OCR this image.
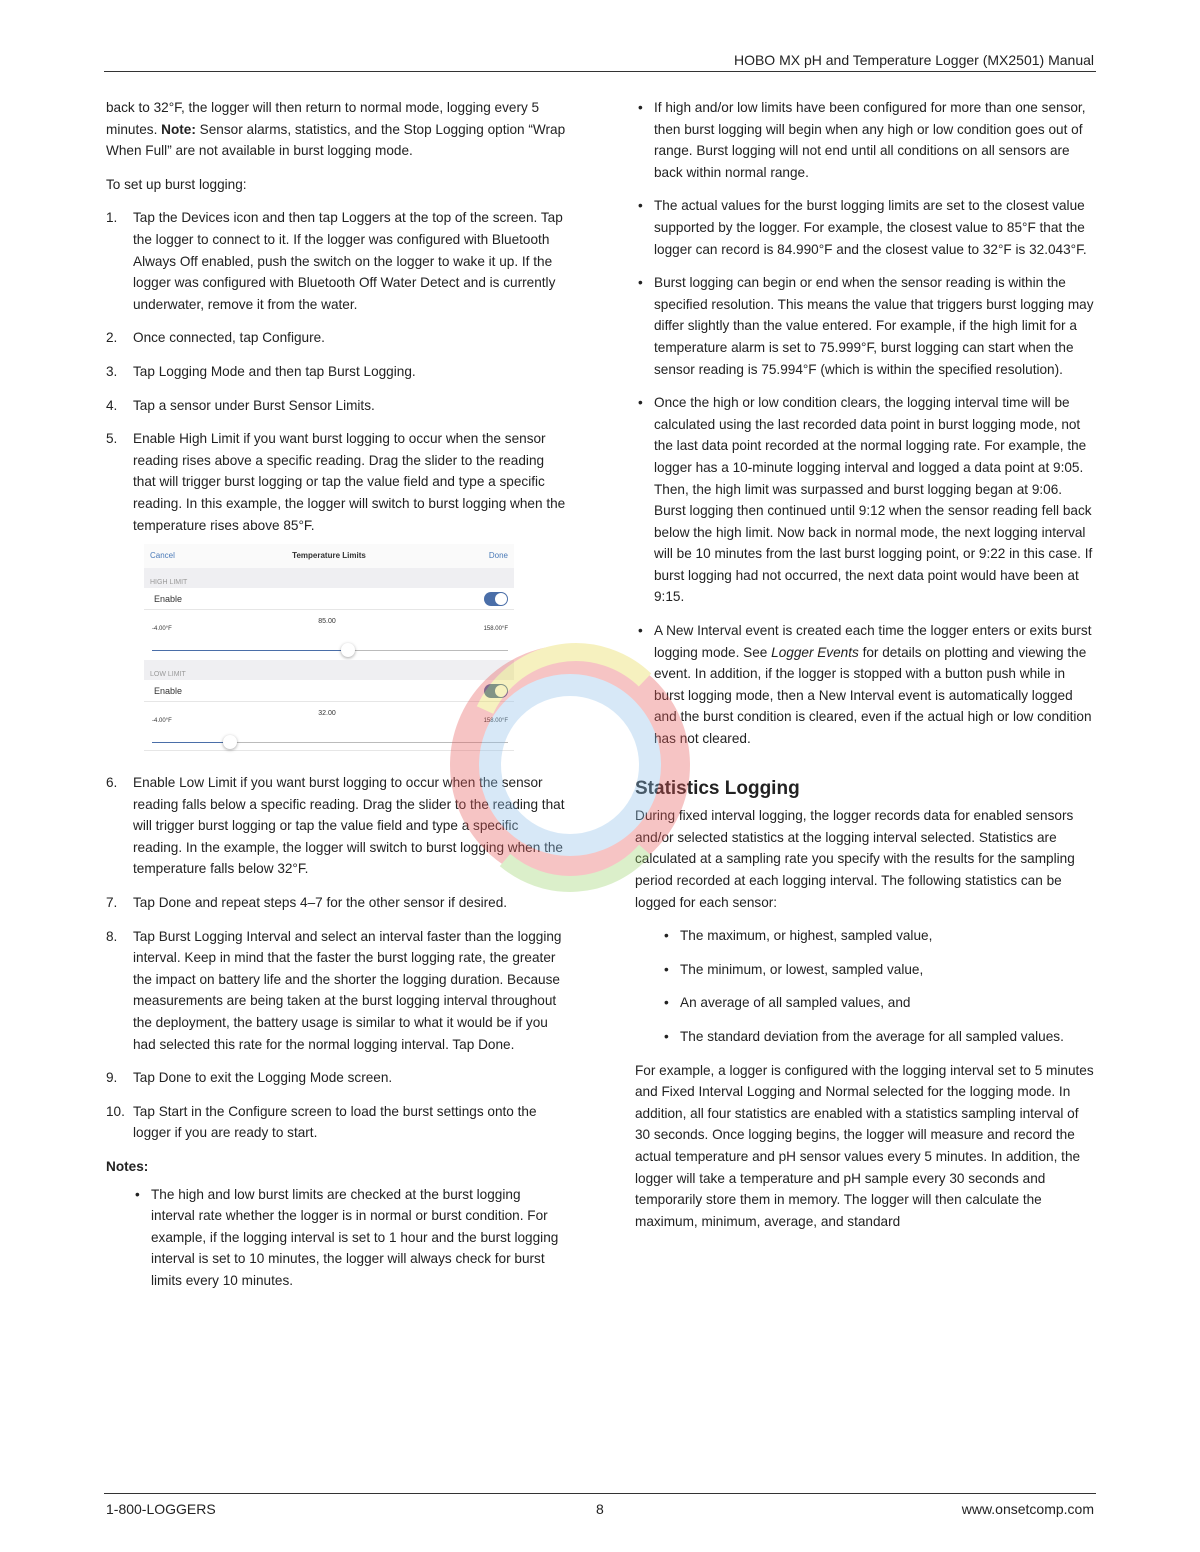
HOBO MX pH and Temperature Logger (MX2501) Manual

back to 32°F, the logger will then return to normal mode, logging every 5 minutes. Note: Sensor alarms, statistics, and the Stop Logging option “Wrap When Full” are not available in burst logging mode.

To set up burst logging:

1. Tap the Devices icon and then tap Loggers at the top of the screen. Tap the logger to connect to it. If the logger was configured with Bluetooth Always Off enabled, push the switch on the logger to wake it up. If the logger was configured with Bluetooth Off Water Detect and is currently underwater, remove it from the water.
2. Once connected, tap Configure.
3. Tap Logging Mode and then tap Burst Logging.
4. Tap a sensor under Burst Sensor Limits.
5. Enable High Limit if you want burst logging to occur when the sensor reading rises above a specific reading. Drag the slider to the reading that will trigger burst logging or tap the value field and type a specific reading. In this example, the logger will switch to burst logging when the temperature rises above 85°F.
Cancel	Temperature Limits	Done
HIGH LIMIT
Enable
-4.00°F
85.00
158.00°F
LOW LIMIT
Enable
-4.00°F
32.00
158.00°F
6. Enable Low Limit if you want burst logging to occur when the sensor reading falls below a specific reading. Drag the slider to the reading that will trigger burst logging or tap the value field and type a specific reading. In the example, the logger will switch to burst logging when the temperature falls below 32°F.
7. Tap Done and repeat steps 4–7 for the other sensor if desired.
8. Tap Burst Logging Interval and select an interval faster than the logging interval. Keep in mind that the faster the burst logging rate, the greater the impact on battery life and the shorter the logging duration. Because measurements are being taken at the burst logging interval throughout the deployment, the battery usage is similar to what it would be if you had selected this rate for the normal logging interval. Tap Done.
9. Tap Done to exit the Logging Mode screen.
10. Tap Start in the Configure screen to load the burst settings onto the logger if you are ready to start.

Notes:

• The high and low burst limits are checked at the burst logging interval rate whether the logger is in normal or burst condition. For example, if the logging interval is set to 1 hour and the burst logging interval is set to 10 minutes, the logger will always check for burst limits every 10 minutes.
• If high and/or low limits have been configured for more than one sensor, then burst logging will begin when any high or low condition goes out of range. Burst logging will not end until all conditions on all sensors are back within normal range.
• The actual values for the burst logging limits are set to the closest value supported by the logger. For example, the closest value to 85°F that the logger can record is 84.990°F and the closest value to 32°F is 32.043°F.
• Burst logging can begin or end when the sensor reading is within the specified resolution. This means the value that triggers burst logging may differ slightly than the value entered. For example, if the high limit for a temperature alarm is set to 75.999°F, burst logging can start when the sensor reading is 75.994°F (which is within the specified resolution).
• Once the high or low condition clears, the logging interval time will be calculated using the last recorded data point in burst logging mode, not the last data point recorded at the normal logging rate. For example, the logger has a 10-minute logging interval and logged a data point at 9:05. Then, the high limit was surpassed and burst logging began at 9:06. Burst logging then continued until 9:12 when the sensor reading fell back below the high limit. Now back in normal mode, the next logging interval will be 10 minutes from the last burst logging point, or 9:22 in this case. If burst logging had not occurred, the next data point would have been at 9:15.
• A New Interval event is created each time the logger enters or exits burst logging mode. See Logger Events for details on plotting and viewing the event. In addition, if the logger is stopped with a button push while in burst logging mode, then a New Interval event is automatically logged and the burst condition is cleared, even if the actual high or low condition has not cleared.
Statistics Logging

During fixed interval logging, the logger records data for enabled sensors and/or selected statistics at the logging interval selected. Statistics are calculated at a sampling rate you specify with the results for the sampling period recorded at each logging interval. The following statistics can be logged for each sensor:

• The maximum, or highest, sampled value,
• The minimum, or lowest, sampled value,
• An average of all sampled values, and
• The standard deviation from the average for all sampled values.

For example, a logger is configured with the logging interval set to 5 minutes and Fixed Interval Logging and Normal selected for the logging mode. In addition, all four statistics are enabled with a statistics sampling interval of 30 seconds. Once logging begins, the logger will measure and record the actual temperature and pH sensor values every 5 minutes. In addition, the logger will take a temperature and pH sample every 30 seconds and temporarily store them in memory. The logger will then calculate the maximum, minimum, average, and standard

1-800-LOGGERS	8	www.onsetcomp.com
